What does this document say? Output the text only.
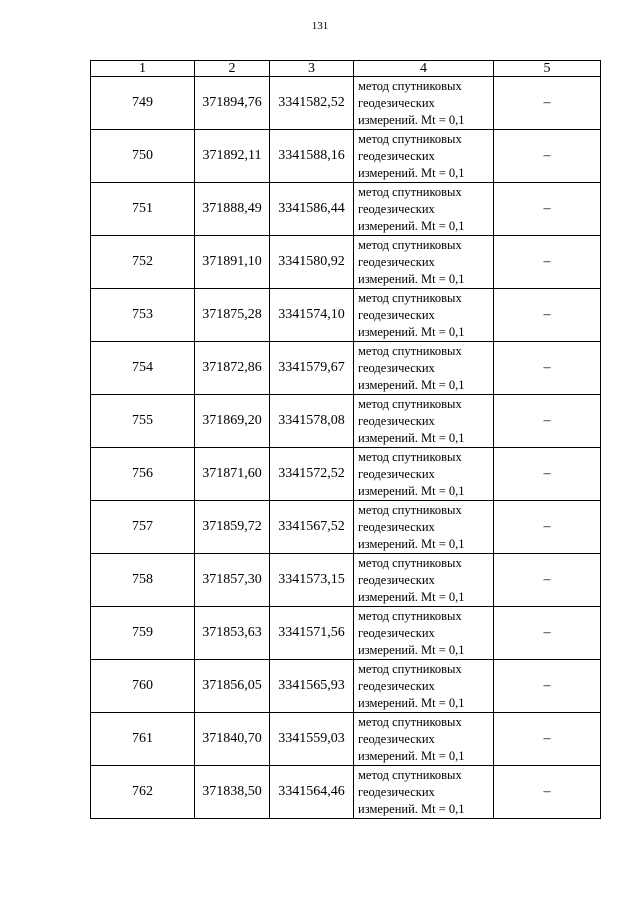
131
1	2	3	4	5
749	371894,76	3341582,52	метод спутниковых
геодезических
измерений. Mt = 0,1	–
750	371892,11	3341588,16	метод спутниковых
геодезических
измерений. Mt = 0,1	–
751	371888,49	3341586,44	метод спутниковых
геодезических
измерений. Mt = 0,1	–
752	371891,10	3341580,92	метод спутниковых
геодезических
измерений. Mt = 0,1	–
753	371875,28	3341574,10	метод спутниковых
геодезических
измерений. Mt = 0,1	–
754	371872,86	3341579,67	метод спутниковых
геодезических
измерений. Mt = 0,1	–
755	371869,20	3341578,08	метод спутниковых
геодезических
измерений. Mt = 0,1	–
756	371871,60	3341572,52	метод спутниковых
геодезических
измерений. Mt = 0,1	–
757	371859,72	3341567,52	метод спутниковых
геодезических
измерений. Mt = 0,1	–
758	371857,30	3341573,15	метод спутниковых
геодезических
измерений. Mt = 0,1	–
759	371853,63	3341571,56	метод спутниковых
геодезических
измерений. Mt = 0,1	–
760	371856,05	3341565,93	метод спутниковых
геодезических
измерений. Mt = 0,1	–
761	371840,70	3341559,03	метод спутниковых
геодезических
измерений. Mt = 0,1	–
762	371838,50	3341564,46	метод спутниковых
геодезических
измерений. Mt = 0,1	–
